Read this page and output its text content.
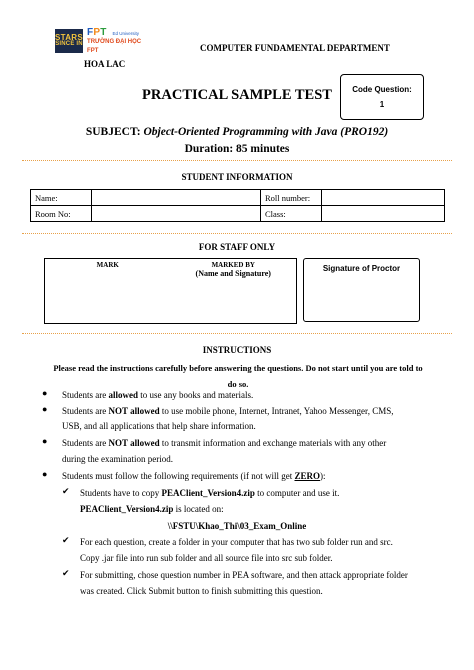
STARS
SINCE IN
FPT Ed University
TRƯỜNG ĐẠI HỌC FPT
HOA LAC
COMPUTER FUNDAMENTAL DEPARTMENT
PRACTICAL SAMPLE TEST	Code Question:
1
SUBJECT: Object-Oriented Programming with Java (PRO192)
Duration: 85 minutes
STUDENT INFORMATION
Name:		Roll number:	
Room No:		Class:	
FOR STAFF ONLY
MARK	MARKED BY
(Name and Signature)
Signature of Proctor
INSTRUCTIONS
Please read the instructions carefully before answering the questions. Do not start until you are told to
do so.
● Students are allowed to use any books and materials.
● Students are NOT allowed to use mobile phone, Internet, Intranet, Yahoo Messenger, CMS,
USB, and all applications that help share information.
● Students are NOT allowed to transmit information and exchange materials with any other
during the examination period.
● Students must follow the following requirements (if not will get ZERO):
✔ Students have to copy PEAClient_Version4.zip to computer and use it.
PEAClient_Version4.zip is located on:
\\FSTU\Khao_Thi\03_Exam_Online
✔ For each question, create a folder in your computer that has two sub folder run and src.
Copy .jar file into run sub folder and all source file into src sub folder.
✔ For submitting, chose question number in PEA software, and then attack appropriate folder
was created. Click Submit button to finish submitting this question.
